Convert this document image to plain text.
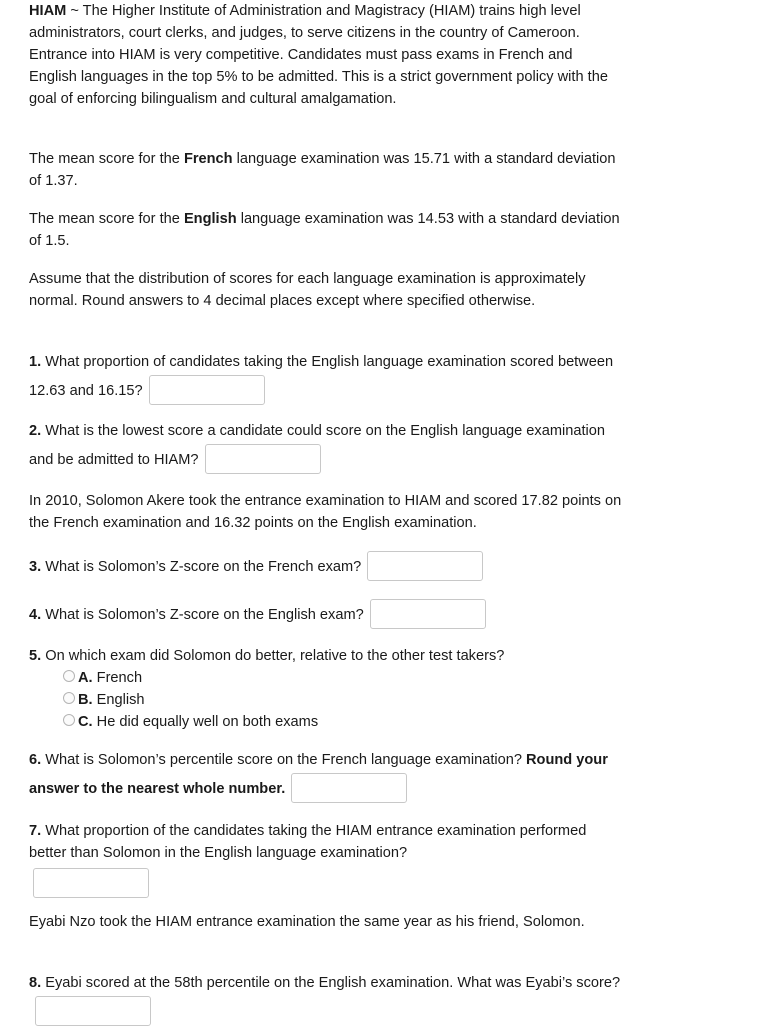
HIAM ~ The Higher Institute of Administration and Magistracy (HIAM) trains high level administrators, court clerks, and judges, to serve citizens in the country of Cameroon. Entrance into HIAM is very competitive. Candidates must pass exams in French and English languages in the top 5% to be admitted. This is a strict government policy with the goal of enforcing bilingualism and cultural amalgamation.

The mean score for the French language examination was 15.71 with a standard deviation of 1.37.

The mean score for the English language examination was 14.53 with a standard deviation of 1.5.

Assume that the distribution of scores for each language examination is approximately normal. Round answers to 4 decimal places except where specified otherwise.

1. What proportion of candidates taking the English language examination scored between 12.63 and 16.15?

2. What is the lowest score a candidate could score on the English language examination and be admitted to HIAM?

In 2010, Solomon Akere took the entrance examination to HIAM and scored 17.82 points on the French examination and 16.32 points on the English examination.

3. What is Solomon’s Z-score on the French exam?

4. What is Solomon’s Z-score on the English exam?

5. On which exam did Solomon do better, relative to the other test takers?

A. French
B. English
C. He did equally well on both exams

6. What is Solomon’s percentile score on the French language examination? Round your answer to the nearest whole number.

7. What proportion of the candidates taking the HIAM entrance examination performed better than Solomon in the English language examination?

Eyabi Nzo took the HIAM entrance examination the same year as his friend, Solomon.

8. Eyabi scored at the 58th percentile on the English examination. What was Eyabi’s score?
